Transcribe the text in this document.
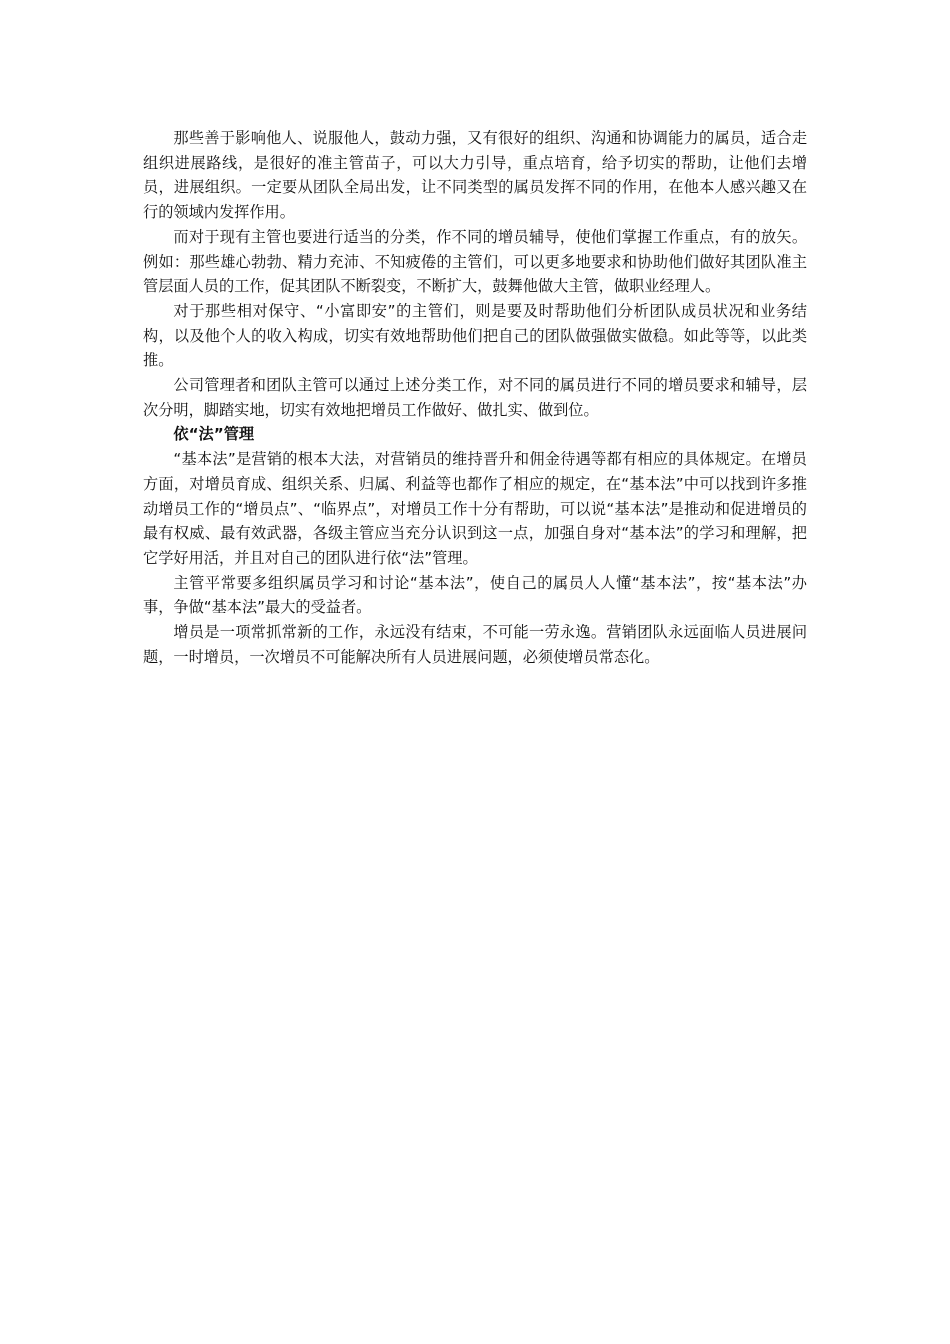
那些善于影响他人、说服他人，鼓动力强，又有很好的组织、沟通和协调能力的属员，适合走组织进展路线，是很好的准主管苗子，可以大力引导，重点培育，给予切实的帮助，让他们去增员，进展组织。一定要从团队全局出发，让不同类型的属员发挥不同的作用，在他本人感兴趣又在行的领域内发挥作用。

而对于现有主管也要进行适当的分类，作不同的增员辅导，使他们掌握工作重点，有的放矢。例如：那些雄心勃勃、精力充沛、不知疲倦的主管们，可以更多地要求和协助他们做好其团队准主管层面人员的工作，促其团队不断裂变，不断扩大，鼓舞他做大主管，做职业经理人。

对于那些相对保守、“小富即安”的主管们，则是要及时帮助他们分析团队成员状况和业务结构，以及他个人的收入构成，切实有效地帮助他们把自己的团队做强做实做稳。如此等等，以此类推。

公司管理者和团队主管可以通过上述分类工作，对不同的属员进行不同的增员要求和辅导，层次分明，脚踏实地，切实有效地把增员工作做好、做扎实、做到位。

依“法”管理

“基本法”是营销的根本大法，对营销员的维持晋升和佣金待遇等都有相应的具体规定。在增员方面，对增员育成、组织关系、归属、利益等也都作了相应的规定，在“基本法”中可以找到许多推动增员工作的“增员点”、“临界点”，对增员工作十分有帮助，可以说“基本法”是推动和促进增员的最有权威、最有效武器，各级主管应当充分认识到这一点，加强自身对“基本法”的学习和理解，把它学好用活，并且对自己的团队进行依“法”管理。

主管平常要多组织属员学习和讨论“基本法”，使自己的属员人人懂“基本法”，按“基本法”办事，争做“基本法”最大的受益者。

增员是一项常抓常新的工作，永远没有结束，不可能一劳永逸。营销团队永远面临人员进展问题，一时增员，一次增员不可能解决所有人员进展问题，必须使增员常态化。
